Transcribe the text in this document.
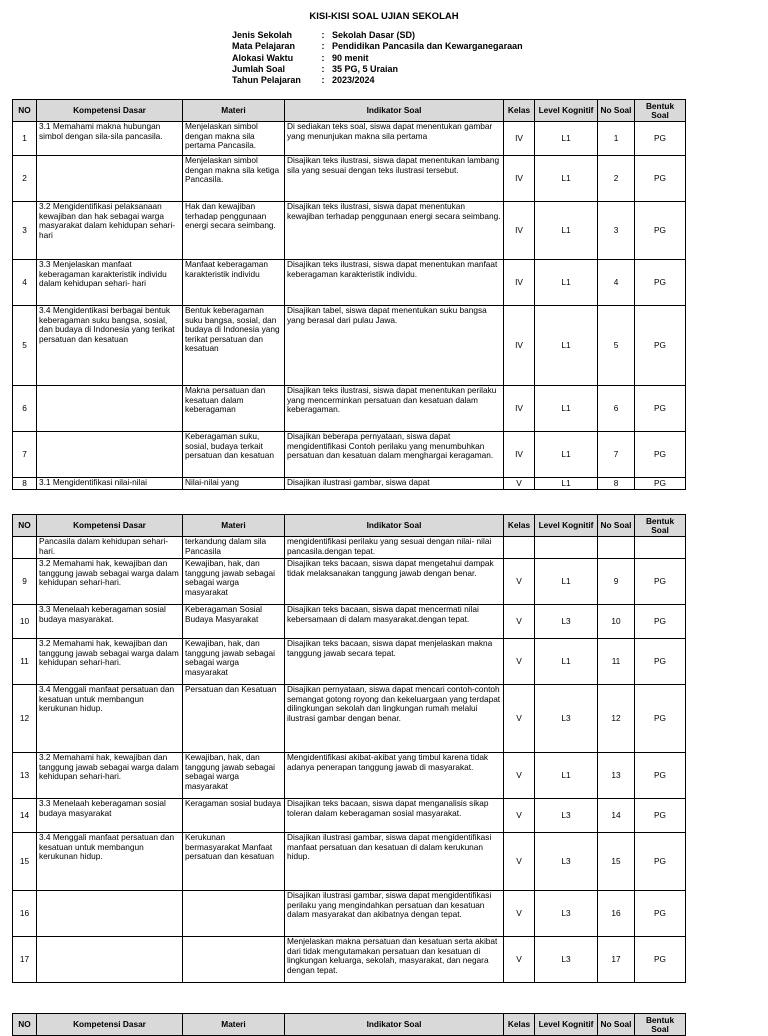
KISI-KISI SOAL UJIAN SEKOLAH
Jenis Sekolah	:	Sekolah Dasar (SD)
Mata Pelajaran	:	Pendidikan Pancasila dan Kewarganegaraan
Alokasi Waktu	:	90 menit
Jumlah Soal	:	35 PG, 5 Uraian
Tahun Pelajaran	:	2023/2024
NO	Kompetensi Dasar	Materi	Indikator Soal	Kelas	Level Kognitif	No Soal	Bentuk Soal
1	3.1 Memahami makna hubungan simbol dengan sila-sila pancasila.	Menjelaskan simbol dengan makna sila pertama Pancasila.	Di sediakan teks soal, siswa dapat menentukan gambar yang menunjukan makna sila pertama	IV	L1	1	PG
2		Menjelaskan simbol dengan makna sila ketiga Pancasila.	Disajikan teks ilustrasi, siswa dapat menentukan lambang sila yang sesuai dengan teks ilustrasi tersebut.	IV	L1	2	PG
3	3.2 Mengidentifikasi pelaksanaan kewajiban dan hak sebagai warga masyarakat dalam kehidupan sehari-hari	Hak dan kewajiban terhadap penggunaan energi secara seimbang.	Disajikan teks ilustrasi, siswa dapat menentukan kewajiban terhadap penggunaan energi secara seimbang.	IV	L1	3	PG
4	3.3 Menjelaskan manfaat keberagaman karakteristik individu dalam kehidupan sehari- hari	Manfaat keberagaman karakteristik individu	Disajikan teks ilustrasi, siswa dapat menentukan manfaat keberagaman karakteristik individu.	IV	L1	4	PG
5	3.4 Mengidentikasi berbagai bentuk keberagaman suku bangsa, sosial, dan budaya di Indonesia yang terikat persatuan dan kesatuan	Bentuk keberagaman suku bangsa, sosial, dan budaya di Indonesia yang terikat persatuan dan kesatuan	Disajikan tabel, siswa dapat menentukan suku bangsa yang berasal dari pulau Jawa.	IV	L1	5	PG
6		Makna persatuan dan kesatuan dalam keberagaman	Disajikan teks ilustrasi, siswa dapat menentukan perilaku yang mencerminkan persatuan dan kesatuan dalam keberagaman.	IV	L1	6	PG
7		Keberagaman suku, sosial, budaya terkait persatuan dan kesatuan	Disajikan beberapa pernyataan, siswa dapat mengidentifikasi Contoh perilaku yang menumbuhkan persatuan dan kesatuan dalam menghargai keragaman.	IV	L1	7	PG
8	3.1 Mengidentifikasi nilai-nilai	Nilai-nilai yang	Disajikan ilustrasi gambar, siswa dapat	V	L1	8	PG
NO	Kompetensi Dasar	Materi	Indikator Soal	Kelas	Level Kognitif	No Soal	Bentuk Soal
	Pancasila dalam kehidupan sehari-hari.	terkandung dalam sila Pancasila	mengidentifikasi perilaku yang sesuai dengan nilai- nilai pancasila.dengan tepat.				
9	3.2 Memahami hak, kewajiban dan tanggung jawab sebagai warga dalam kehidupan sehari-hari.	Kewajiban, hak, dan tanggung jawab sebagai sebagai warga masyarakat	Disajikan teks bacaan, siswa dapat mengetahui dampak tidak melaksanakan tanggung jawab dengan benar.	V	L1	9	PG
10	3.3 Menelaah keberagaman sosial budaya masyarakat.	Keberagaman Sosial Budaya Masyarakat	Disajikan teks bacaan, siswa dapat mencermati nilai kebersamaan di dalam masyarakat.dengan tepat.	V	L3	10	PG
11	3.2 Memahami hak, kewajiban dan tanggung jawab sebagai warga dalam kehidupan sehari-hari.	Kewajiban, hak, dan tanggung jawab sebagai sebagai warga masyarakat	Disajikan teks bacaan, siswa dapat menjelaskan makna tanggung jawab secara tepat.	V	L1	11	PG
12	3.4 Menggali manfaat persatuan dan kesatuan untuk membangun kerukunan hidup.	Persatuan dan Kesatuan	Disajikan pernyataan, siswa dapat mencari contoh-contoh semangat gotong royong dan kekeluargaan yang terdapat dilingkungan sekolah dan lingkungan rumah melalui ilustrasi gambar dengan benar.	V	L3	12	PG
13	3.2 Memahami hak, kewajiban dan tanggung jawab sebagai warga dalam kehidupan sehari-hari.	Kewajiban, hak, dan tanggung jawab sebagai sebagai warga masyarakat	Mengidentifikasi akibat-akibat yang timbul karena tidak adanya penerapan tanggung jawab di masyarakat.	V	L1	13	PG
14	3.3 Menelaah keberagaman sosial budaya masyarakat	Keragaman sosial budaya	Disajikan teks bacaan, siswa dapat menganalisis sikap toleran dalam keberagaman sosial masyarakat.	V	L3	14	PG
15	3.4 Menggali manfaat persatuan dan kesatuan untuk membangun kerukunan hidup.	Kerukunan bermasyarakat Manfaat persatuan dan kesatuan	Disajikan ilustrasi gambar, siswa dapat mengidentifikasi manfaat persatuan dan kesatuan di dalam kerukunan hidup.	V	L3	15	PG
16			Disajikan ilustrasi gambar, siswa dapat mengidentifikasi perilaku yang mengindahkan persatuan dan kesatuan dalam masyarakat dan akibatnya dengan tepat.	V	L3	16	PG
17			Menjelaskan makna persatuan dan kesatuan serta akibat dari tidak mengutamakan persatuan dan kesatuan di lingkungan keluarga, sekolah, masyarakat, dan negara dengan tepat.	V	L3	17	PG
NO	Kompetensi Dasar	Materi	Indikator Soal	Kelas	Level Kognitif	No Soal	Bentuk Soal
